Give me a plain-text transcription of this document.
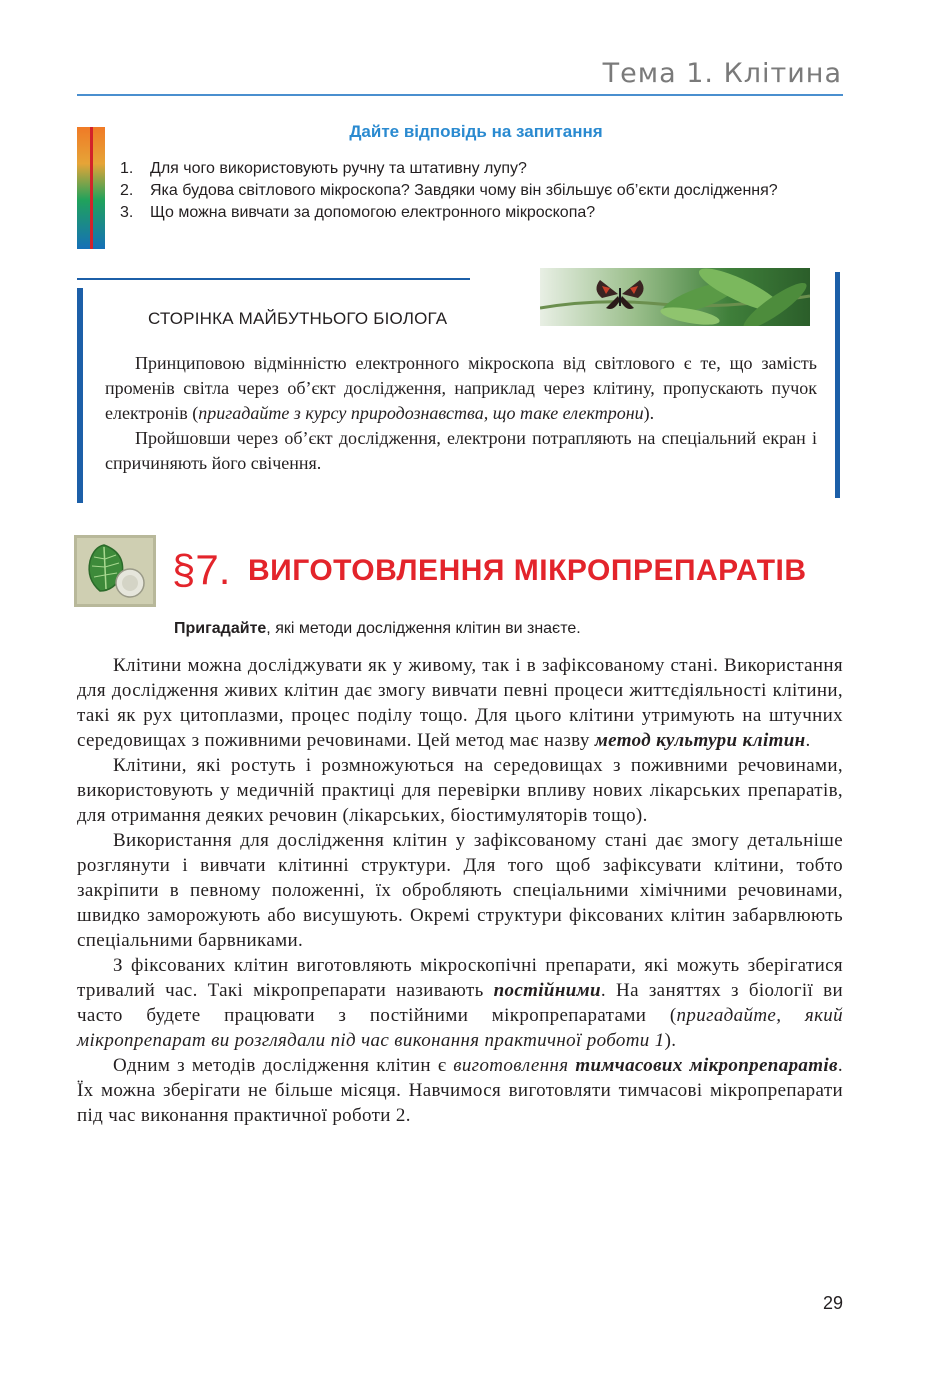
Тема 1. Клітина
Дайте відповідь на запитання
1. Для чого використовують ручну та штативну лупу?
2. Яка будова світлового мікроскопа? Завдяки чому він збільшує об’єкти дослідження?
3. Що можна вивчати за допомогою електронного мікроскопа?
СТОРІНКА МАЙБУТНЬОГО БІОЛОГА

Принциповою відмінністю електронного мікроскопа від світлового є те, що замість променів світла через об’єкт дослідження, наприклад через клітину, пропускають пучок електронів (пригадайте з курсу природознавства, що таке електрони).

Пройшовши через об’єкт дослідження, електрони потрапляють на спеціальний екран і спричиняють його свічення.

§7. ВИГОТОВЛЕННЯ МІКРОПРЕПАРАТІВ
Пригадайте, які методи дослідження клітин ви знаєте.

Клітини можна досліджувати як у живому, так і в зафіксованому стані. Використання для дослідження живих клітин дає змогу вивчати певні процеси життєдіяльності клітини, такі як рух цитоплазми, процес поділу тощо. Для цього клітини утримують на штучних середовищах з поживними речовинами. Цей метод має назву метод культури клітин.

Клітини, які ростуть і розмножуються на середовищах з поживними речовинами, використовують у медичній практиці для перевірки впливу нових лікарських препаратів, для отримання деяких речовин (лікарських, біостимуляторів тощо).

Використання для дослідження клітин у зафіксованому стані дає змогу детальніше розглянути і вивчати клітинні структури. Для того щоб зафіксувати клітини, тобто закріпити в певному положенні, їх обробляють спеціальними хімічними речовинами, швидко заморожують або висушують. Окремі структури фіксованих клітин забарвлюють спеціальними барвниками.

З фіксованих клітин виготовляють мікроскопічні препарати, які можуть зберігатися тривалий час. Такі мікропрепарати називають постійними. На заняттях з біології ви часто будете працювати з постійними мікропрепаратами (пригадайте, який мікропрепарат ви розглядали під час виконання практичної роботи 1).

Одним з методів дослідження клітин є виготовлення тимчасових мікропрепаратів. Їх можна зберігати не більше місяця. Навчимося виготовляти тимчасові мікропрепарати під час виконання практичної роботи 2.

29
